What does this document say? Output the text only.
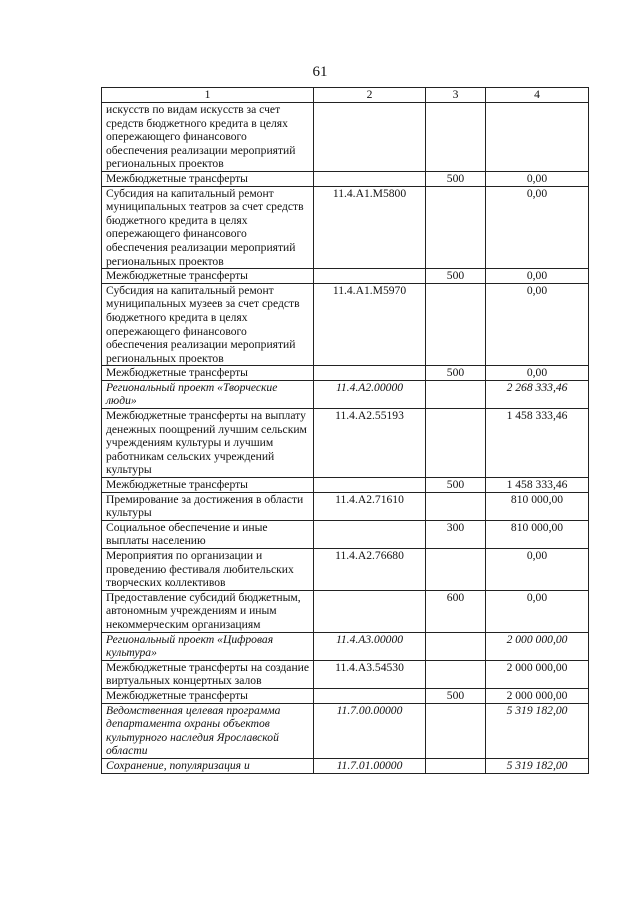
61
1	2	3	4
искусств по видам искусств за счет средств бюджетного кредита в целях опережающего финансового обеспечения реализации мероприятий региональных проектов			
Межбюджетные трансферты		500	0,00
Субсидия на капитальный ремонт муниципальных театров за счет средств бюджетного кредита в целях опережающего финансового обеспечения реализации мероприятий региональных проектов	11.4.A1.M5800		0,00
Межбюджетные трансферты		500	0,00
Субсидия на капитальный ремонт муниципальных музеев за счет средств бюджетного кредита в целях опережающего финансового обеспечения реализации мероприятий региональных проектов	11.4.A1.M5970		0,00
Межбюджетные трансферты		500	0,00
Региональный проект «Творческие люди»	11.4.A2.00000		2 268 333,46
Межбюджетные трансферты на выплату денежных поощрений лучшим сельским учреждениям культуры и лучшим работникам сельских учреждений культуры	11.4.A2.55193		1 458 333,46
Межбюджетные трансферты		500	1 458 333,46
Премирование за достижения в области культуры	11.4.A2.71610		810 000,00
Социальное обеспечение и иные выплаты населению		300	810 000,00
Мероприятия по организации и проведению фестиваля любительских творческих коллективов	11.4.A2.76680		0,00
Предоставление субсидий бюджетным, автономным учреждениям и иным некоммерческим организациям		600	0,00
Региональный проект «Цифровая культура»	11.4.A3.00000		2 000 000,00
Межбюджетные трансферты на создание виртуальных концертных залов	11.4.A3.54530		2 000 000,00
Межбюджетные трансферты		500	2 000 000,00
Ведомственная целевая программа департамента охраны объектов культурного наследия Ярославской области	11.7.00.00000		5 319 182,00
Сохранение, популяризация и	11.7.01.00000		5 319 182,00
